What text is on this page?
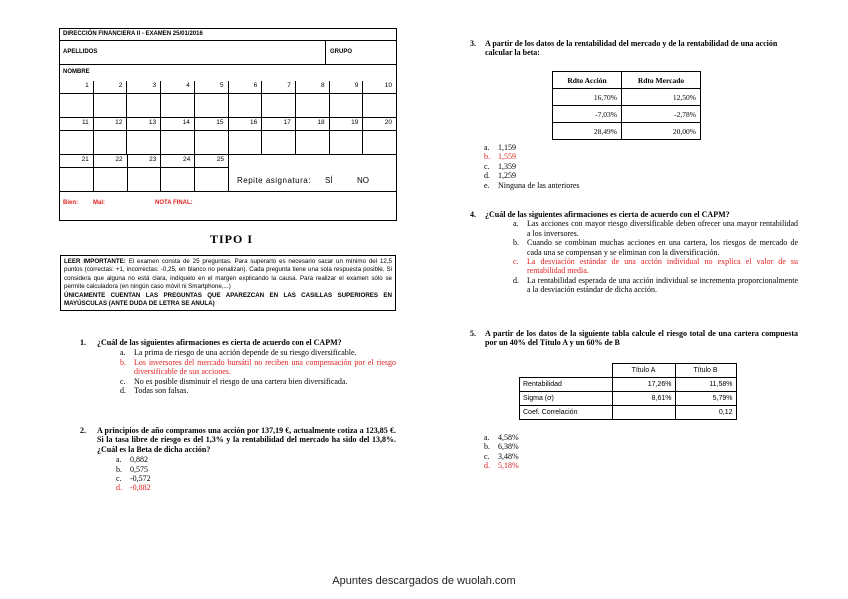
DIRECCIÓN FINANCIERA II - EXAMEN 25/01/2016
APELLIDOS	GRUPO
NOMBRE
1	2	3	4	5	6	7	8	9	10
11	12	13	14	15	16	17	18	19	20
21	22	23	24	25
Repite asignatura: SÍ	NO
Bien:	Mal:	NOTA FINAL:
TIPO I
LEER IMPORTANTE: El examen consta de 25 preguntas. Para superarlo es necesario sacar un mínimo del 12,5 puntos (correctas: +1, incorrectas: -0,25, en blanco no penalizan). Cada pregunta tiene una sola respuesta posible. Si considera que alguna no está clara, indíquelo en el margen explicando la causa. Para realizar el examen sólo se permite calculadora (en ningún caso móvil ni Smartphone,...)
ÚNICAMENTE CUENTAN LAS PREGUNTAS QUE APAREZCAN EN LAS CASILLAS SUPERIORES EN MAYÚSCULAS (ANTE DUDA DE LETRA SE ANULA)
1.	¿Cuál de las siguientes afirmaciones es cierta de acuerdo con el CAPM?
a.	La prima de riesgo de una acción depende de su riesgo diversificable.
b.	Los inversores del mercado bursátil no reciben una compensación por el riesgo diversificable de sus acciones.
c.	No es posible disminuir el riesgo de una cartera bien diversificada.
d.	Todas son falsas.
2.	A principios de año compramos una acción por 137,19 €, actualmente cotiza a 123,85 €. Si la tasa libre de riesgo es del 1,3% y la rentabilidad del mercado ha sido del 13,8%. ¿Cuál es la Beta de dicha acción?
a.	0,882
b.	0,575
c.	-0,572
d.	-0,882
3.	A partir de los datos de la rentabilidad del mercado y de la rentabilidad de una acción calcular la beta:
Rdto Acción	Rdto Mercado
16,70%	12,50%
-7,03%	-2,78%
28,49%	20,00%
a.	1,159
b.	1,559
c.	1,359
d.	1,259
e.	Ninguna de las anteriores
4.	¿Cuál de las siguientes afirmaciones es cierta de acuerdo con el CAPM?
a.	Las acciones con mayor riesgo diversificable deben ofrecer una mayor rentabilidad a los inversores.
b.	Cuando se combinan muchas acciones en una cartera, los riesgos de mercado de cada una se compensan y se eliminan con la diversificación.
c.	La desviación estándar de una acción individual no explica el valor de su rentabilidad media.
d.	La rentabilidad esperada de una acción individual se incrementa proporcionalmente a la desviación estándar de dicha acción.
5.	A partir de los datos de la siguiente tabla calcule el riesgo total de una cartera compuesta por un 40% del Título A y un 60% de B
	Título A	Título B
Rentabilidad	17,26%	11,58%
Sigma (σ)	8,61%	5,79%
Coef. Correlación		0,12
a.	4,58%
b.	6,38%
c.	3,48%
d.	5,18%
Apuntes descargados de wuolah.com
